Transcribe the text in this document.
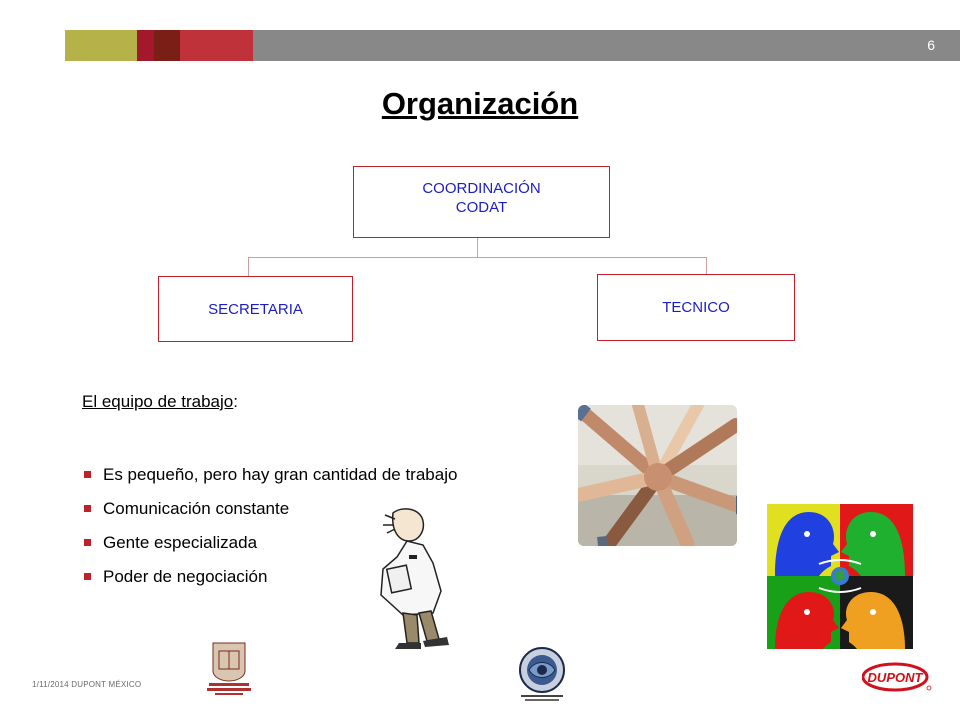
6
Organización
COORDINACIÓN
CODAT
SECRETARIA	TECNICO
El equipo de trabajo:
Es pequeño, pero hay gran cantidad de trabajo
Comunicación constante
Gente especializada
Poder de negociación
1/11/2014 DUPONT MÉXICO	DUPONT
